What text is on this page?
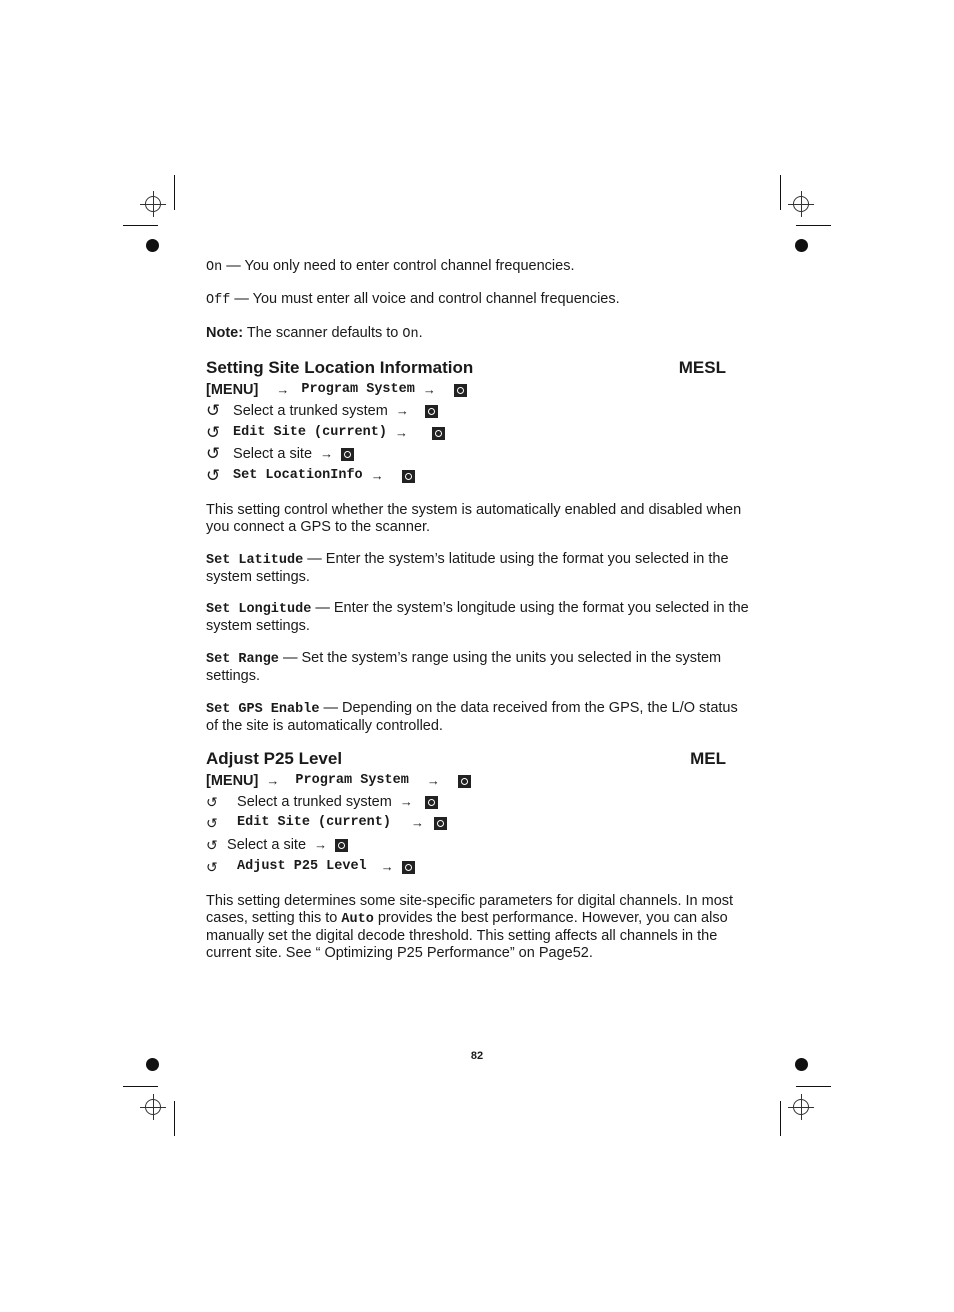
On — You only need to enter control channel frequencies.

Off — You must enter all voice and control channel frequencies.

Note: The scanner defaults to On.

Setting Site Location Information	MESL
[MENU] → Program System →
↺ Select a trunked system →
↺ Edit Site (current) →
↺ Select a site →
↺ Set LocationInfo →

This setting control whether the system is automatically enabled and disabled when you connect a GPS to the scanner.

Set Latitude — Enter the system’s latitude using the format you selected in the system settings.

Set Longitude — Enter the system’s longitude using the format you selected in the system settings.

Set Range — Set the system’s range using the units you selected in the system settings.

Set GPS Enable — Depending on the data received from the GPS, the L/O status of the site is automatically controlled.

Adjust P25 Level	MEL
[MENU] → Program System →
↺ Select a trunked system →
↺ Edit Site (current) →
↺ Select a site →
↺ Adjust P25 Level →

This setting determines some site-specific parameters for digital channels. In most cases, setting this to Auto provides the best performance. However, you can also manually set the digital decode threshold. This setting affects all channels in the current site. See “ Optimizing P25 Performance” on Page52.

82
